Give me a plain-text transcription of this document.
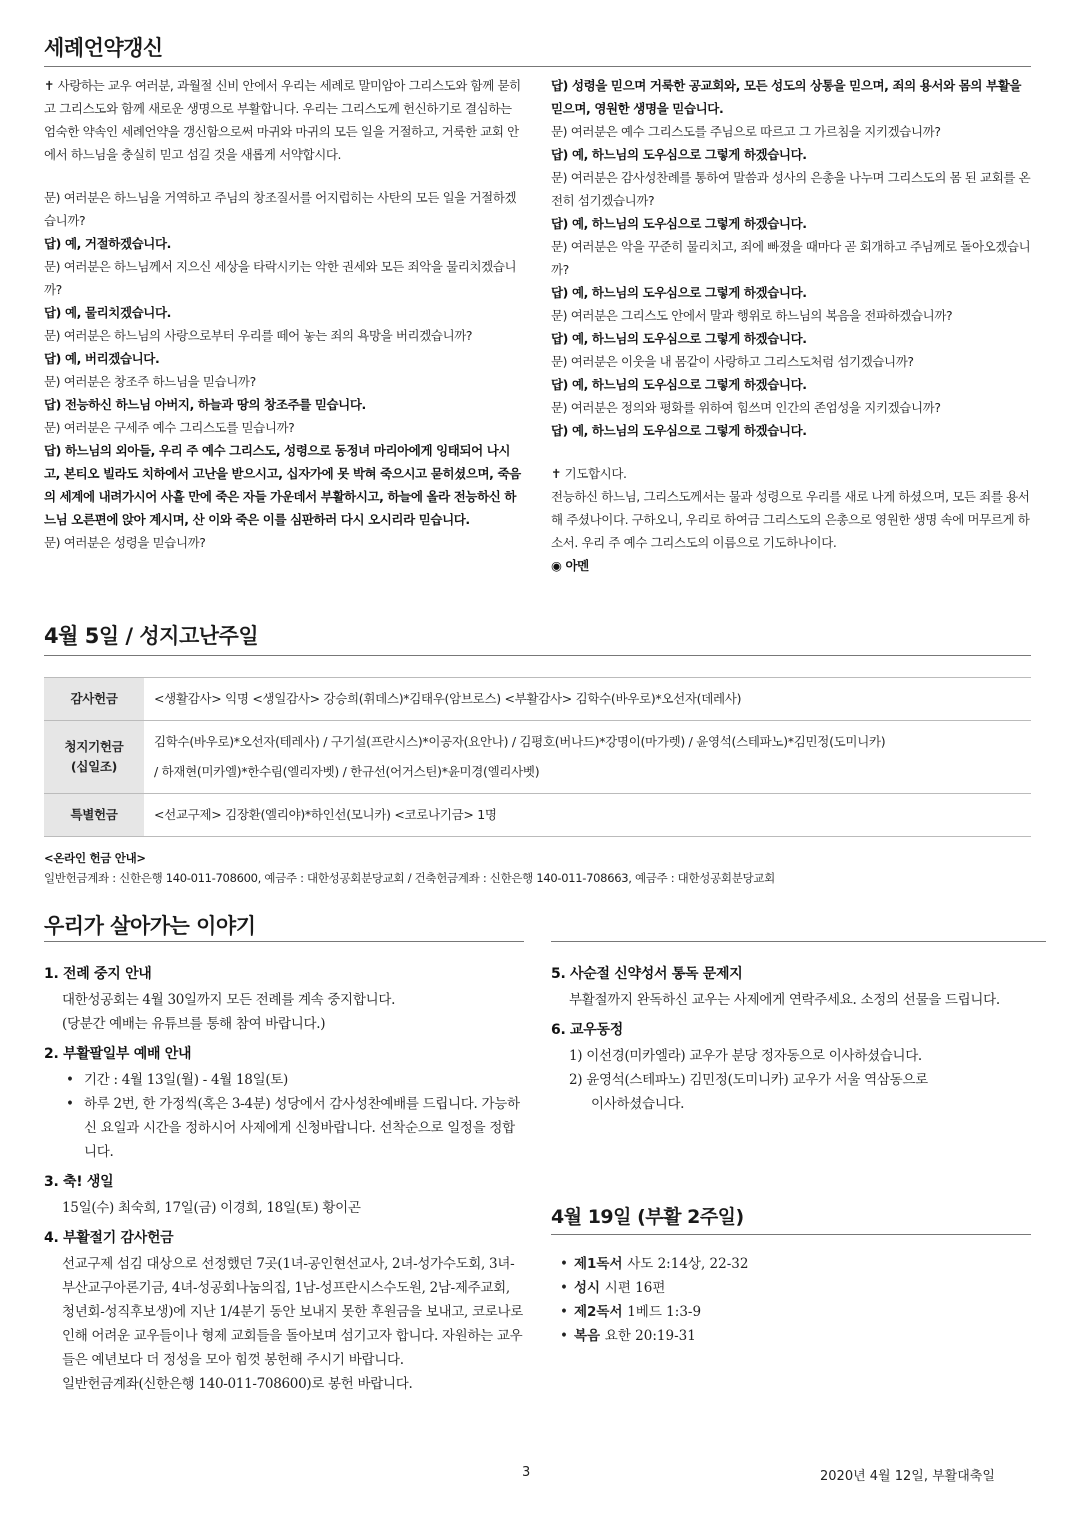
세례언약갱신

✝ 사랑하는 교우 여러분, 과월절 신비 안에서 우리는 세례로 말미암아 그리스도와 함께 묻히고 그리스도와 함께 새로운 생명으로 부활합니다. 우리는 그리스도께 헌신하기로 결심하는 엄숙한 약속인 세례언약을 갱신함으로써 마귀와 마귀의 모든 일을 거절하고, 거룩한 교회 안에서 하느님을 충실히 믿고 섬길 것을 새롭게 서약합시다.

문) 여러분은 하느님을 거역하고 주님의 창조질서를 어지럽히는 사탄의 모든 일을 거절하겠습니까?

답) 예, 거절하겠습니다.

문) 여러분은 하느님께서 지으신 세상을 타락시키는 악한 권세와 모든 죄악을 물리치겠습니까?

답) 예, 물리치겠습니다.

문) 여러분은 하느님의 사랑으로부터 우리를 떼어 놓는 죄의 욕망을 버리겠습니까?

답) 예, 버리겠습니다.

문) 여러분은 창조주 하느님을 믿습니까?

답) 전능하신 하느님 아버지, 하늘과 땅의 창조주를 믿습니다.

문) 여러분은 구세주 예수 그리스도를 믿습니까?

답) 하느님의 외아들, 우리 주 예수 그리스도, 성령으로 동정녀 마리아에게 잉태되어 나시고, 본티오 빌라도 치하에서 고난을 받으시고, 십자가에 못 박혀 죽으시고 묻히셨으며, 죽음의 세계에 내려가시어 사흘 만에 죽은 자들 가운데서 부활하시고, 하늘에 올라 전능하신 하느님 오른편에 앉아 계시며, 산 이와 죽은 이를 심판하러 다시 오시리라 믿습니다.

문) 여러분은 성령을 믿습니까?

답) 성령을 믿으며 거룩한 공교회와, 모든 성도의 상통을 믿으며, 죄의 용서와 몸의 부활을 믿으며, 영원한 생명을 믿습니다.

문) 여러분은 예수 그리스도를 주님으로 따르고 그 가르침을 지키겠습니까?

답) 예, 하느님의 도우심으로 그렇게 하겠습니다.

문) 여러분은 감사성찬례를 통하여 말씀과 성사의 은총을 나누며 그리스도의 몸 된 교회를 온전히 섬기겠습니까?

답) 예, 하느님의 도우심으로 그렇게 하겠습니다.

문) 여러분은 악을 꾸준히 물리치고, 죄에 빠졌을 때마다 곧 회개하고 주님께로 돌아오겠습니까?

답) 예, 하느님의 도우심으로 그렇게 하겠습니다.

문) 여러분은 그리스도 안에서 말과 행위로 하느님의 복음을 전파하겠습니까?

답) 예, 하느님의 도우심으로 그렇게 하겠습니다.

문) 여러분은 이웃을 내 몸같이 사랑하고 그리스도처럼 섬기겠습니까?

답) 예, 하느님의 도우심으로 그렇게 하겠습니다.

문) 여러분은 정의와 평화를 위하여 힘쓰며 인간의 존엄성을 지키겠습니까?

답) 예, 하느님의 도우심으로 그렇게 하겠습니다.

✝ 기도합시다.

전능하신 하느님, 그리스도께서는 물과 성령으로 우리를 새로 나게 하셨으며, 모든 죄를 용서해 주셨나이다. 구하오니, 우리로 하여금 그리스도의 은총으로 영원한 생명 속에 머무르게 하소서. 우리 주 예수 그리스도의 이름으로 기도하나이다.

◉ 아멘

4월 5일 / 성지고난주일
감사헌금	<생활감사> 익명 <생일감사> 강승희(휘데스)*김태우(암브로스) <부활감사> 김학수(바우로)*오선자(데레사)
청지기헌금
(십일조)	김학수(바우로)*오선자(테레사) / 구기설(프란시스)*이공자(요안나) / 김평호(버나드)*강명이(마가렛) / 윤영석(스테파노)*김민정(도미니카)
/ 하재현(미카엘)*한수림(엘리자벳) / 한규선(어거스틴)*윤미경(엘리사벳)
특별헌금	<선교구제> 김장환(엘리야)*하인선(모니카) <코로나기금> 1명
<온라인 헌금 안내>
일반헌금계좌 : 신한은행 140-011-708600, 예금주 : 대한성공회분당교회 / 건축헌금계좌 : 신한은행 140-011-708663, 예금주 : 대한성공회분당교회
우리가 살아가는 이야기
1. 전례 중지 안내

대한성공회는 4월 30일까지 모든 전례를 계속 중지합니다.

(당분간 예배는 유튜브를 통해 참여 바랍니다.)

2. 부활팔일부 예배 안내
• 기간 : 4월 13일(월) - 4월 18일(토)
• 하루 2번, 한 가정씩(혹은 3-4분) 성당에서 감사성찬예배를 드립니다. 가능하신 요일과 시간을 정하시어 사제에게 신청바랍니다. 선착순으로 일정을 정합니다.
3. 축! 생일

15일(수) 최숙희, 17일(금) 이경희, 18일(토) 황이곤

4. 부활절기 감사헌금

선교구제 섬김 대상으로 선정했던 7곳(1녀-공인현선교사, 2녀-성가수도회, 3녀-부산교구아론기금, 4녀-성공회나눔의집, 1남-성프란시스수도원, 2남-제주교회, 청년회-성직후보생)에 지난 1/4분기 동안 보내지 못한 후원금을 보내고, 코로나로 인해 어려운 교우들이나 형제 교회들을 돌아보며 섬기고자 합니다. 자원하는 교우들은 예년보다 더 정성을 모아 힘껏 봉헌해 주시기 바랍니다.

일반헌금계좌(신한은행 140-011-708600)로 봉헌 바랍니다.

5. 사순절 신약성서 통독 문제지

부활절까지 완독하신 교우는 사제에게 연락주세요. 소정의 선물을 드립니다.

6. 교우동정
1) 이선경(미카엘라) 교우가 분당 정자동으로 이사하셨습니다.
2) 윤영석(스테파노) 김민정(도미니카) 교우가 서울 역삼동으로
이사하셨습니다.
4월 19일 (부활 2주일)
• 제1독서 사도 2:14상, 22-32
• 성시 시편 16편
• 제2독서 1베드 1:3-9
• 복음 요한 20:19-31
3	2020년 4월 12일, 부활대축일
